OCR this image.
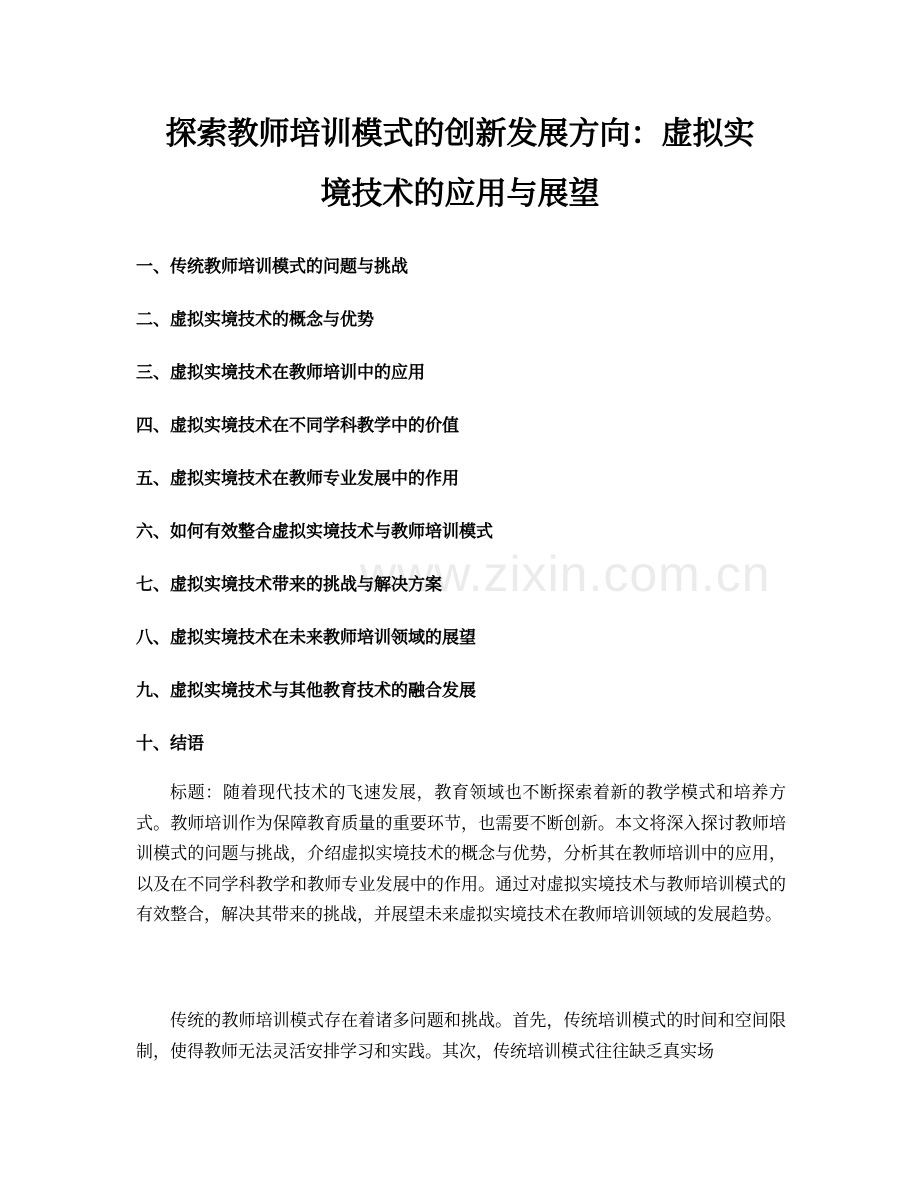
探索教师培训模式的创新发展方向：虚拟实
境技术的应用与展望
一、传统教师培训模式的问题与挑战
二、虚拟实境技术的概念与优势
三、虚拟实境技术在教师培训中的应用
四、虚拟实境技术在不同学科教学中的价值
五、虚拟实境技术在教师专业发展中的作用
六、如何有效整合虚拟实境技术与教师培训模式
七、虚拟实境技术带来的挑战与解决方案
八、虚拟实境技术在未来教师培训领域的展望
九、虚拟实境技术与其他教育技术的融合发展
十、结语

标题：随着现代技术的飞速发展，教育领域也不断探索着新的教学模式和培养方式。教师培训作为保障教育质量的重要环节，也需要不断创新。本文将深入探讨教师培训模式的问题与挑战，介绍虚拟实境技术的概念与优势，分析其在教师培训中的应用，以及在不同学科教学和教师专业发展中的作用。通过对虚拟实境技术与教师培训模式的有效整合，解决其带来的挑战，并展望未来虚拟实境技术在教师培训领域的发展趋势。

传统的教师培训模式存在着诸多问题和挑战。首先，传统培训模式的时间和空间限制，使得教师无法灵活安排学习和实践。其次，传统培训模式往往缺乏真实场

www.zixin.com.cn
